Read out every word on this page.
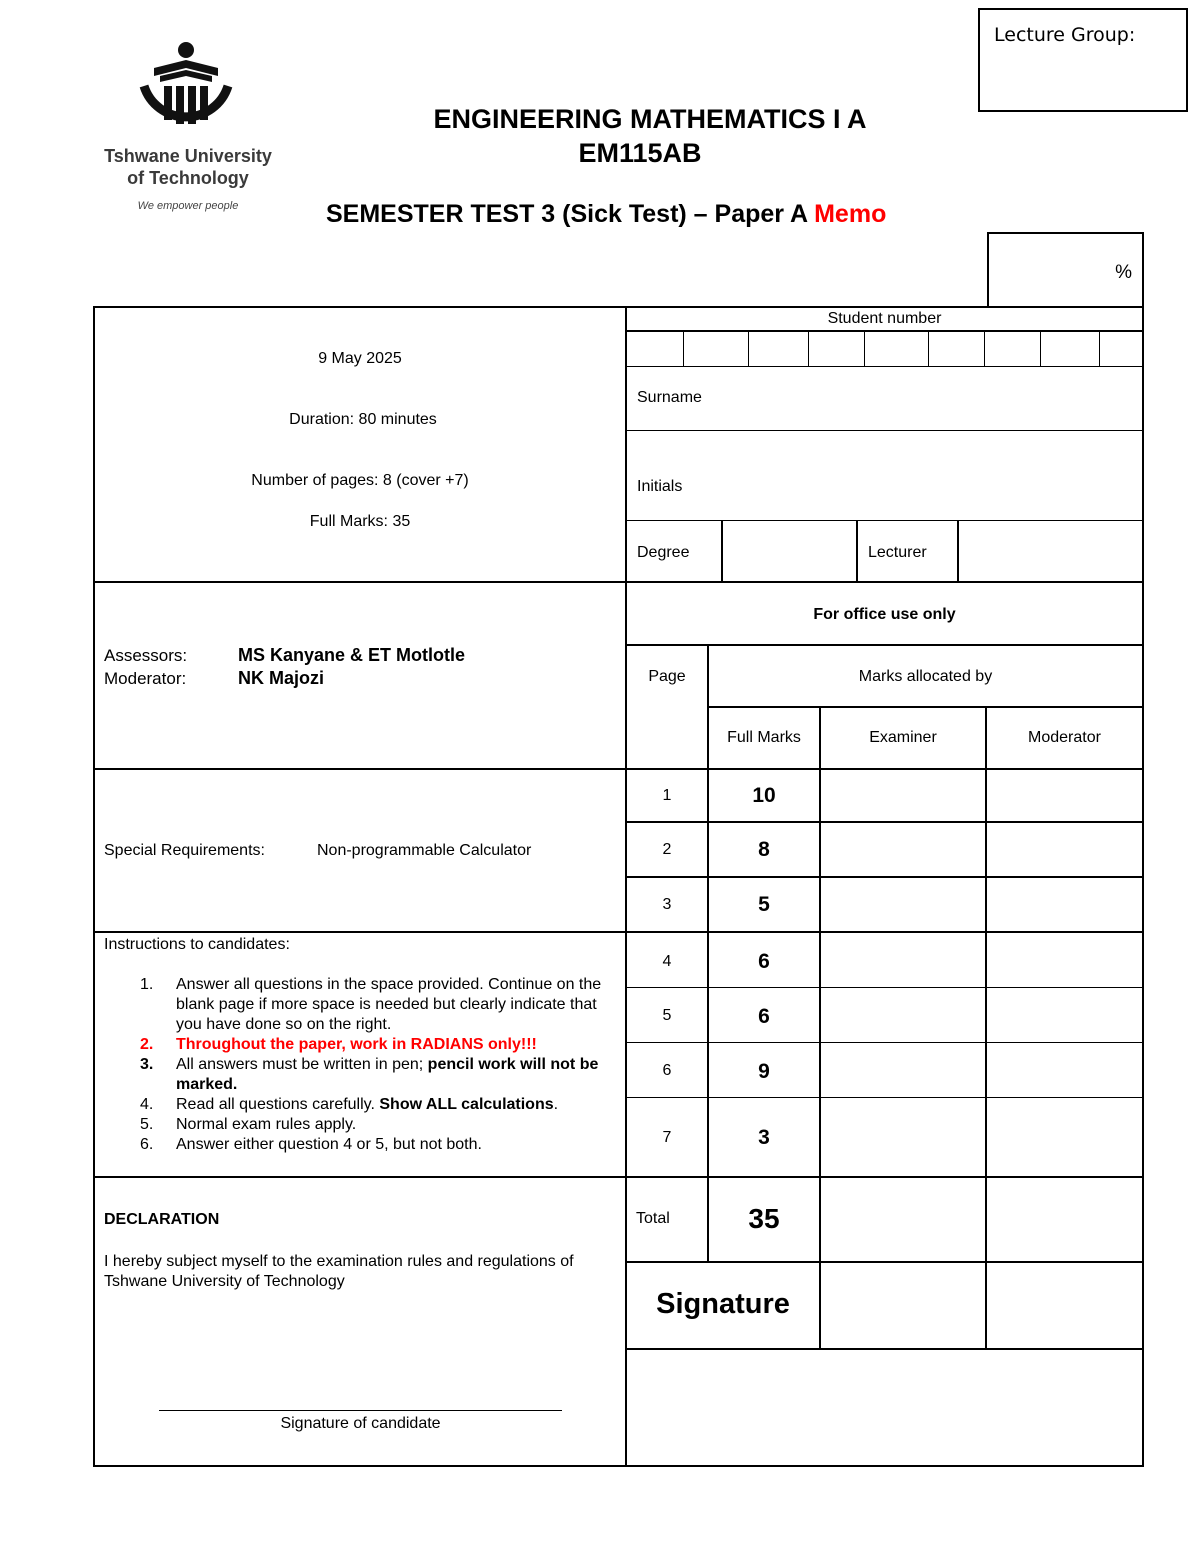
Tshwane University
of Technology
We empower people
Lecture Group:
ENGINEERING MATHEMATICS I A
EM115AB
SEMESTER TEST 3 (Sick Test) – Paper A Memo
%
9 May 2025
Duration: 80 minutes
Number of pages: 8 (cover +7)
Full Marks: 35
Assessors:	MS Kanyane & ET Motlotle
Moderator:	NK Majozi
Special Requirements:	Non-programmable Calculator
Instructions to candidates:
1. Answer all questions in the space provided. Continue on the blank page if more space is needed but clearly indicate that you have done so on the right.
2. Throughout the paper, work in RADIANS only!!!
3. All answers must be written in pen; pencil work will not be marked.
4. Read all questions carefully. Show ALL calculations.
5. Normal exam rules apply.
6. Answer either question 4 or 5, but not both.
DECLARATION
I hereby subject myself to the examination rules and regulations of Tshwane University of Technology
Signature of candidate
Student number
Surname
Initials
Degree	Lecturer
For office use only
Page	Marks allocated by
Full Marks	Examiner	Moderator
1	10
2	8
3	5
4	6
5	6
6	9
7	3
Total	35
Signature
